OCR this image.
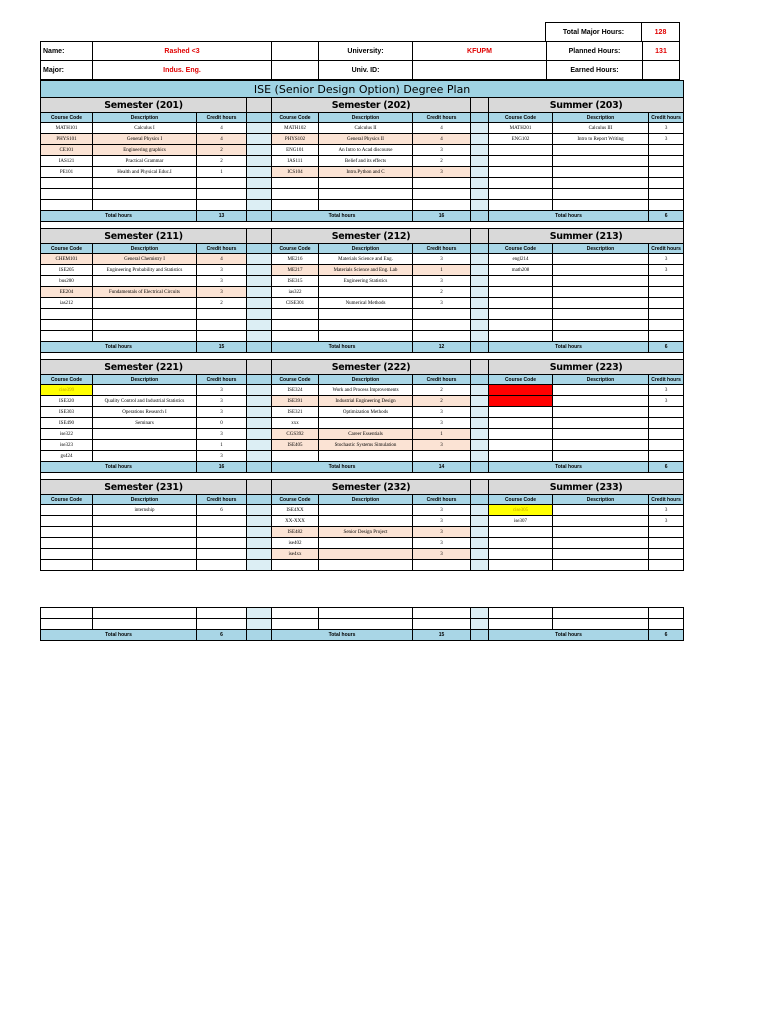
Total Major Hours:	128
Name:	Rashed <3		University:	KFUPM	Planned Hours:	131
Major:	Indus. Eng.		Univ. ID:		Earned Hours:	
ISE (Senior Design Option) Degree Plan										
Semester (201)				Semester (202)				Summer (203)		
Course Code	Description	Credit hours		Course Code	Description	Credit hours		Course Code	Description	Credit hours
MATH101	Calculus I	4		MATH102	Calculus II	4		MATH201	Calculus III	3
PHYS101	General Physics I	4		PHYS102	General Physics II	4		ENG102	Intro to Report Writing	3
CE101	Engineering graphics	2		ENG101	An Intro to Acad discourse	3				
IAS121	Practical Grammar	2		IAS111	Belief and its effects	2				
PE101	Health and Physical Educ.I	1		ICS104	Intro.Python and C	3				

Total hours		13		Total hours		16		Total hours		6

Semester (211)				Semester (212)				Summer (213)		
Course Code	Description	Credit hours		Course Code	Description	Credit hours		Course Code	Description	Credit hours
CHEM101	General Chemistry I	4		ME216	Materials Science and Eng.	3		engl214		3
ISE205	Engineering Probability and Statistics	3		ME217	Materials Science and Eng. Lab	1		math208		3
bus200		3		ISE315	Engineering Statistics	3				
EE204	Fundamentals of Electrical Circuits	3		ias322		2				
ias212		2		CISE301	Numerical Methods	3				

Total hours		15		Total hours		12		Total hours		6

Semester (221)				Semester (222)				Summer (223)		
Course Code	Description	Credit hours		Course Code	Description	Credit hours		Course Code	Description	Credit hours
cise399		3		ISE324	Work and Process Improvements	2				3
ISE320	Quality Control and Industrial Statistics	3		ISE391	Industrial Engineering Design	2				3
ISE303	Operations Research I	3		ISE321	Optimization Methods	3				
ISE490	Seminars	0		xxx		3				
ise322		3		CGS392	Career Essentials	1				
ise323		1		ISE405	Stochastic Systems Simulation	3				
gs424		3								
Total hours		16		Total hours		14		Total hours		6

Semester (231)				Semester (232)				Summer (233)		
Course Code	Description	Credit hours		Course Code	Description	Credit hours		Course Code	Description	Credit hours
	internship	6		ISE4XX		3		cise305		3
				XX-XXX		3		ise307		3
				ISE482	Senior Design Project	3				
				ise402		3				
				ise4xx		3				

Total hours		6		Total hours		15		Total hours		6
